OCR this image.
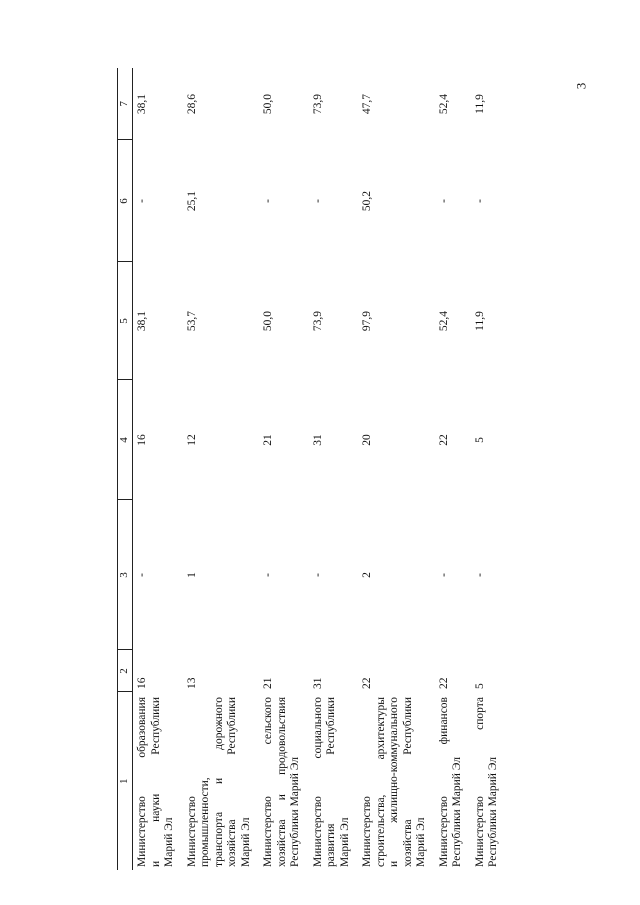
3
1	2	3	4	5	6	7

Министерство образования и науки Республики Марий Эл	16	-	16	38,1	-	38,1

Министерство промышленности, транспорта и дорожного хозяйства Республики Марий Эл	13	1	12	53,7	25,1	28,6

Министерство сельского хозяйства и продовольствия Республики Марий Эл	21	-	21	50,0	-	50,0

Министерство социального развития Республики Марий Эл	31	-	31	73,9	-	73,9

Министерство строительства, архитектуры и жилищно-коммунального хозяйства Республики Марий Эл	22	2	20	97,9	50,2	47,7

Министерство финансов Республики Марий Эл	22	-	22	52,4	-	52,4

Министерство спорта Республики Марий Эл	5	-	5	11,9	-	11,9
